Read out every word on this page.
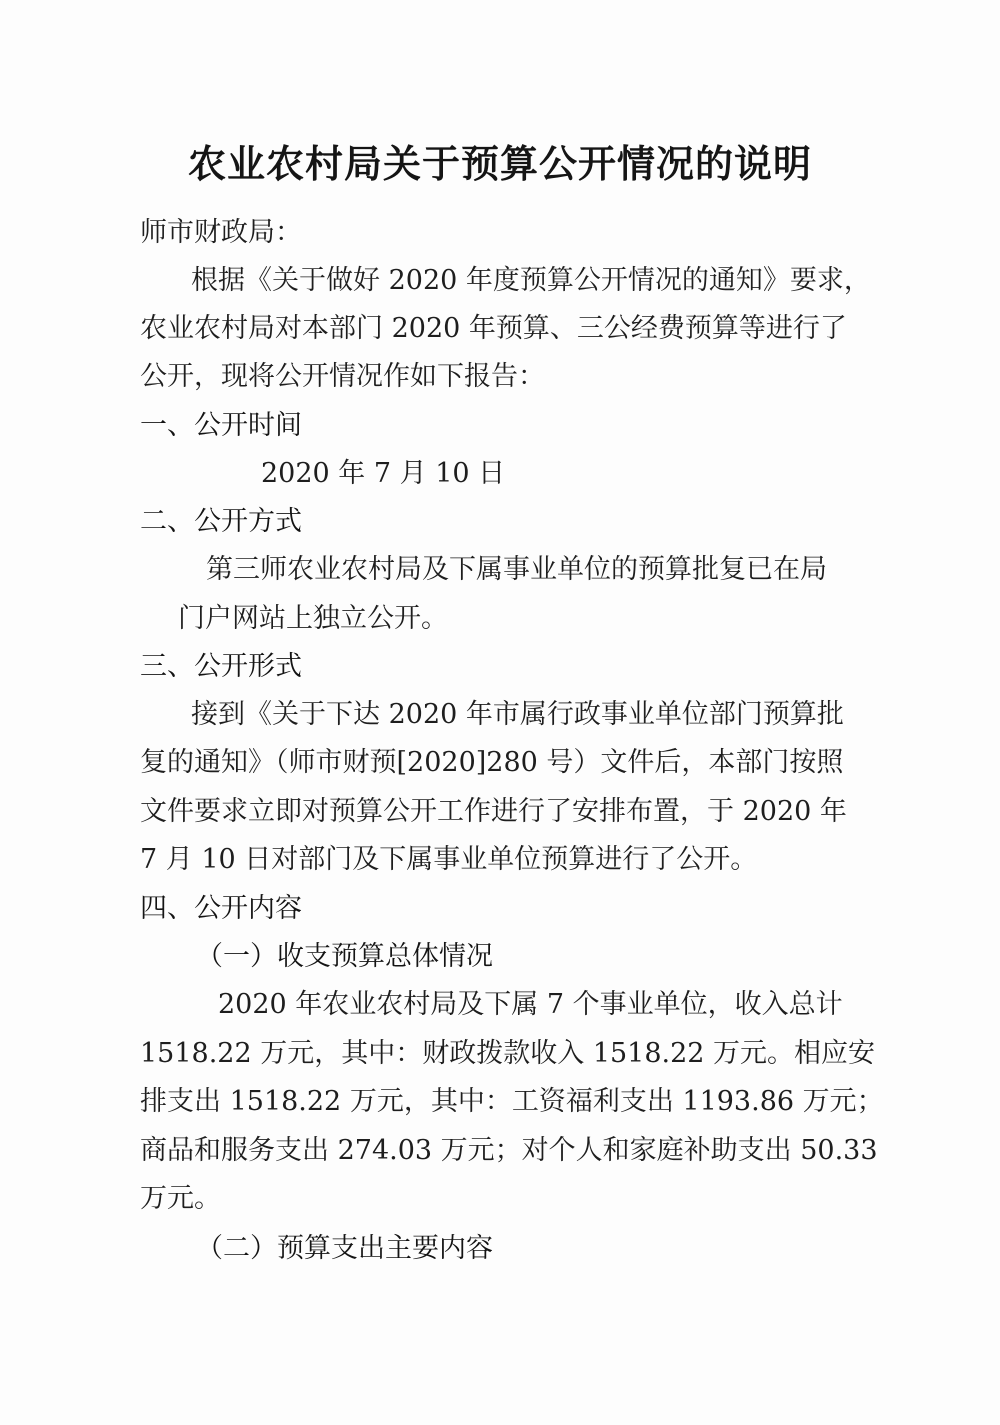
农业农村局关于预算公开情况的说明
师市财政局：
根据《关于做好 2020 年度预算公开情况的通知》要求，
农业农村局对本部门 2020 年预算、三公经费预算等进行了
公开，现将公开情况作如下报告：
一、公开时间
2020 年 7 月 10 日
二、公开方式
第三师农业农村局及下属事业单位的预算批复已在局
门户网站上独立公开。
三、公开形式
接到《关于下达 2020 年市属行政事业单位部门预算批
复的通知》（师市财预[2020]280 号）文件后，本部门按照
文件要求立即对预算公开工作进行了安排布置，于 2020 年
7 月 10 日对部门及下属事业单位预算进行了公开。
四、公开内容
（一）收支预算总体情况
2020 年农业农村局及下属 7 个事业单位，收入总计
1518.22 万元，其中：财政拨款收入 1518.22 万元。相应安
排支出 1518.22 万元，其中：工资福利支出 1193.86 万元；
商品和服务支出 274.03 万元；对个人和家庭补助支出 50.33
万元。
（二）预算支出主要内容
